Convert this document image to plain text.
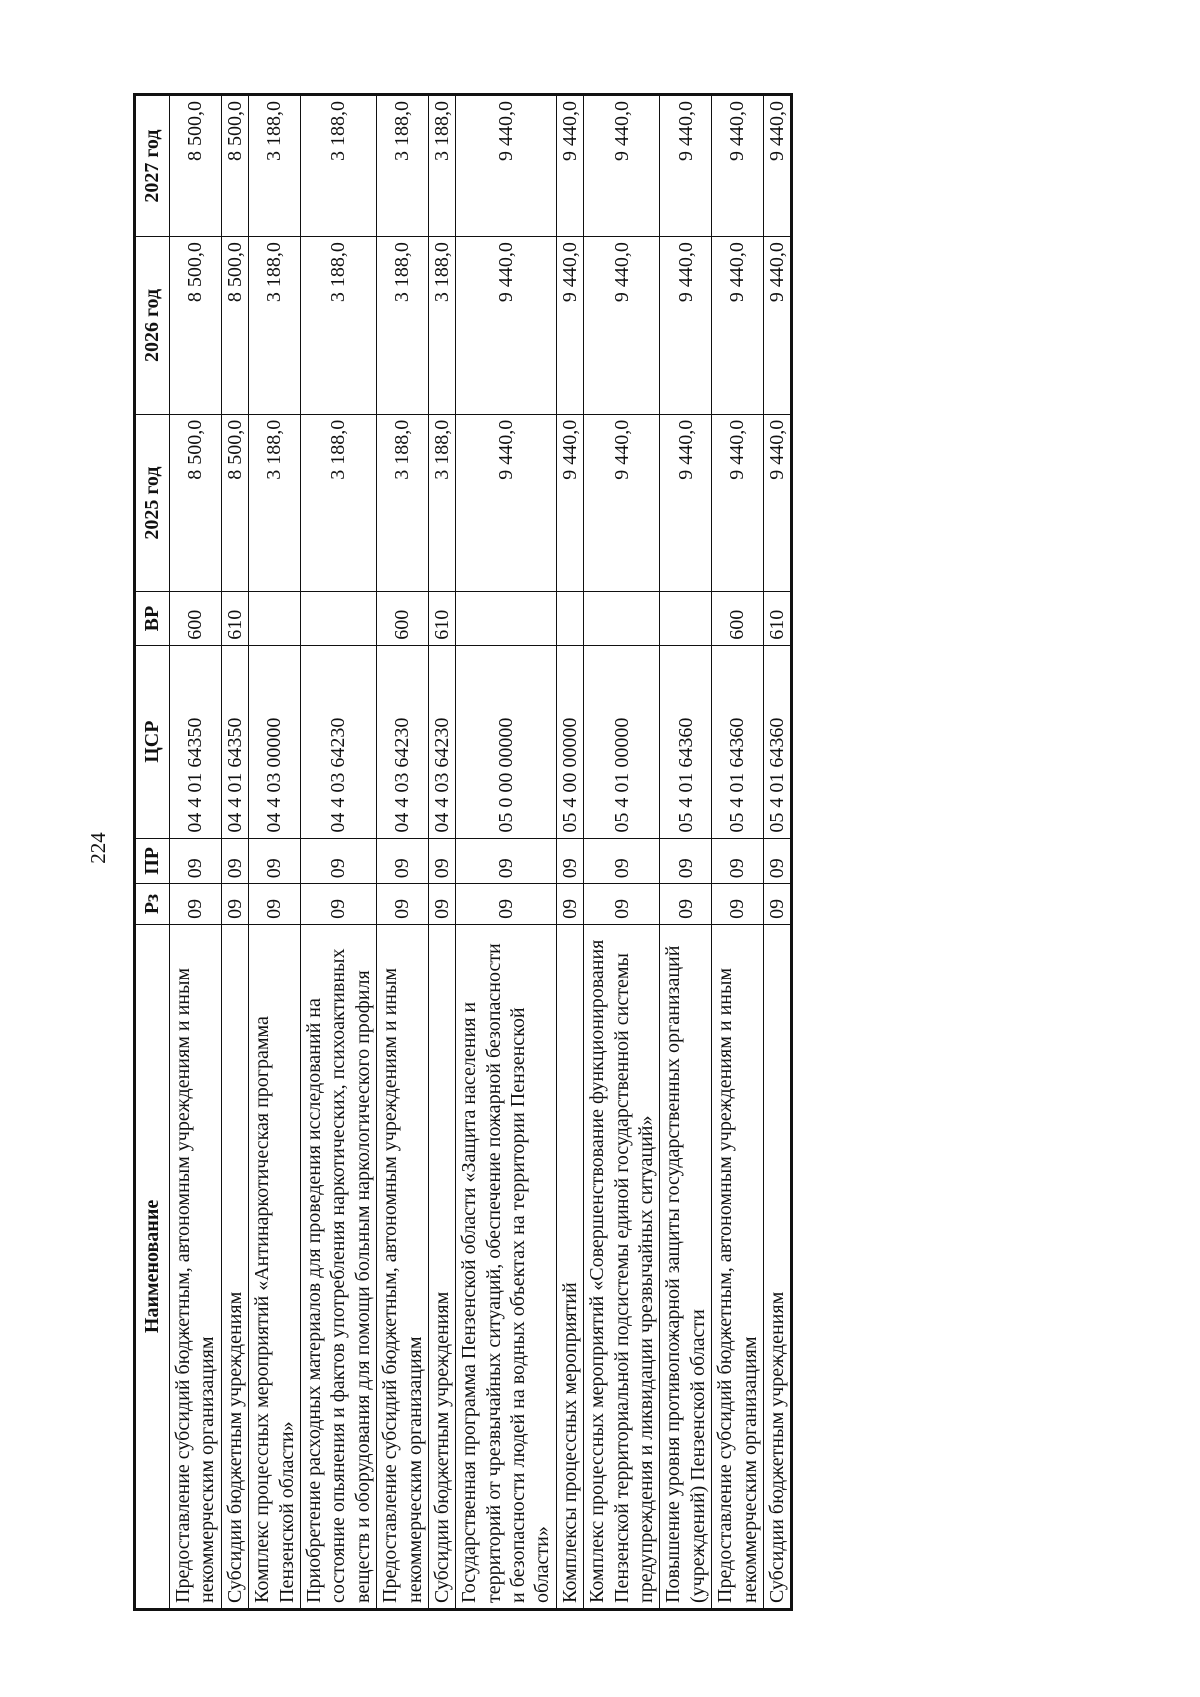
224
Наименование	Рз	ПР	ЦСР	ВР	2025 год	2026 год	2027 год
Предоставление субсидий бюджетным, автономным учреждениям и иным некоммерческим организациям	09	09	04 4 01 64350	600	8 500,0	8 500,0	8 500,0
Субсидии бюджетным учреждениям	09	09	04 4 01 64350	610	8 500,0	8 500,0	8 500,0
Комплекс процессных мероприятий «Антинаркотическая программа Пензенской области»	09	09	04 4 03 00000		3 188,0	3 188,0	3 188,0
Приобретение расходных материалов для проведения исследований на состояние опьянения и фактов употребления наркотических, психоактивных веществ и оборудования для помощи больным наркологического профиля	09	09	04 4 03 64230		3 188,0	3 188,0	3 188,0
Предоставление субсидий бюджетным, автономным учреждениям и иным некоммерческим организациям	09	09	04 4 03 64230	600	3 188,0	3 188,0	3 188,0
Субсидии бюджетным учреждениям	09	09	04 4 03 64230	610	3 188,0	3 188,0	3 188,0
Государственная программа Пензенской области «Защита населения и территорий от чрезвычайных ситуаций, обеспечение пожарной безопасности и безопасности людей на водных объектах на территории Пензенской области»	09	09	05 0 00 00000		9 440,0	9 440,0	9 440,0
Комплексы процессных мероприятий	09	09	05 4 00 00000		9 440,0	9 440,0	9 440,0
Комплекс процессных мероприятий «Совершенствование функционирования Пензенской территориальной подсистемы единой государственной системы предупреждения и ликвидации чрезвычайных ситуаций»	09	09	05 4 01 00000		9 440,0	9 440,0	9 440,0
Повышение уровня противопожарной защиты государственных организаций (учреждений) Пензенской области	09	09	05 4 01 64360		9 440,0	9 440,0	9 440,0
Предоставление субсидий бюджетным, автономным учреждениям и иным некоммерческим организациям	09	09	05 4 01 64360	600	9 440,0	9 440,0	9 440,0
Субсидии бюджетным учреждениям	09	09	05 4 01 64360	610	9 440,0	9 440,0	9 440,0
